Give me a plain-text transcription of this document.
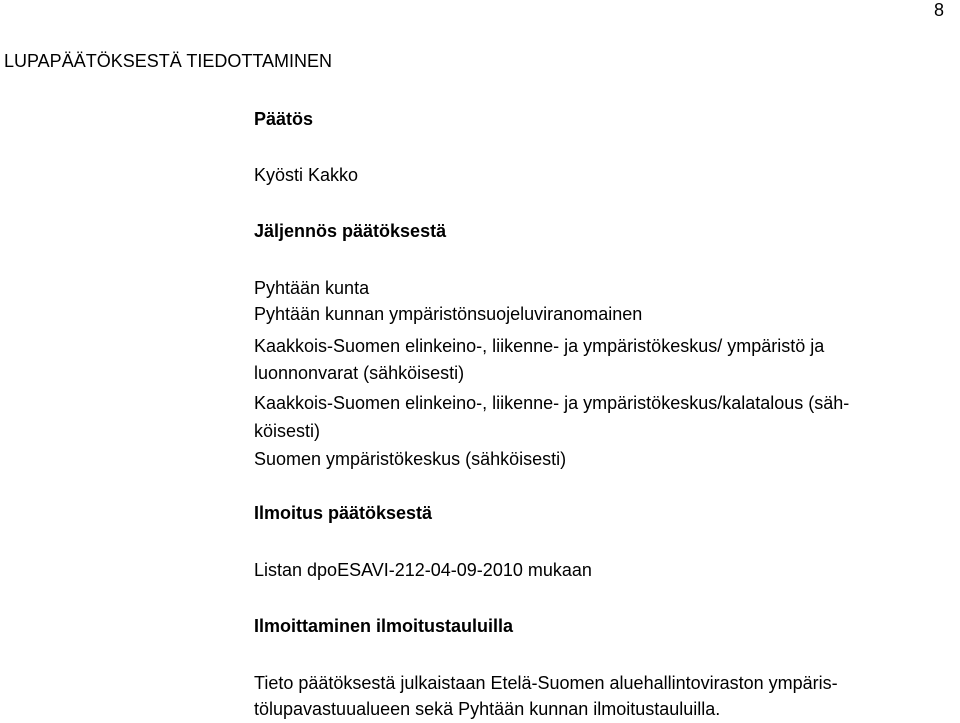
8
LUPAPÄÄTÖKSESTÄ TIEDOTTAMINEN
Päätös
Kyösti Kakko
Jäljennös päätöksestä
Pyhtään kunta
Pyhtään kunnan ympäristönsuojeluviranomainen
Kaakkois-Suomen elinkeino-, liikenne- ja ympäristökeskus/ ympäristö ja
luonnonvarat (sähköisesti)
Kaakkois-Suomen elinkeino-, liikenne- ja ympäristökeskus/kalatalous (säh-
köisesti)
Suomen ympäristökeskus (sähköisesti)
Ilmoitus päätöksestä
Listan dpoESAVI-212-04-09-2010 mukaan
Ilmoittaminen ilmoitustauluilla
Tieto päätöksestä julkaistaan Etelä-Suomen aluehallintoviraston ympäris-
tölupavastuualueen sekä Pyhtään kunnan ilmoitustauluilla.
